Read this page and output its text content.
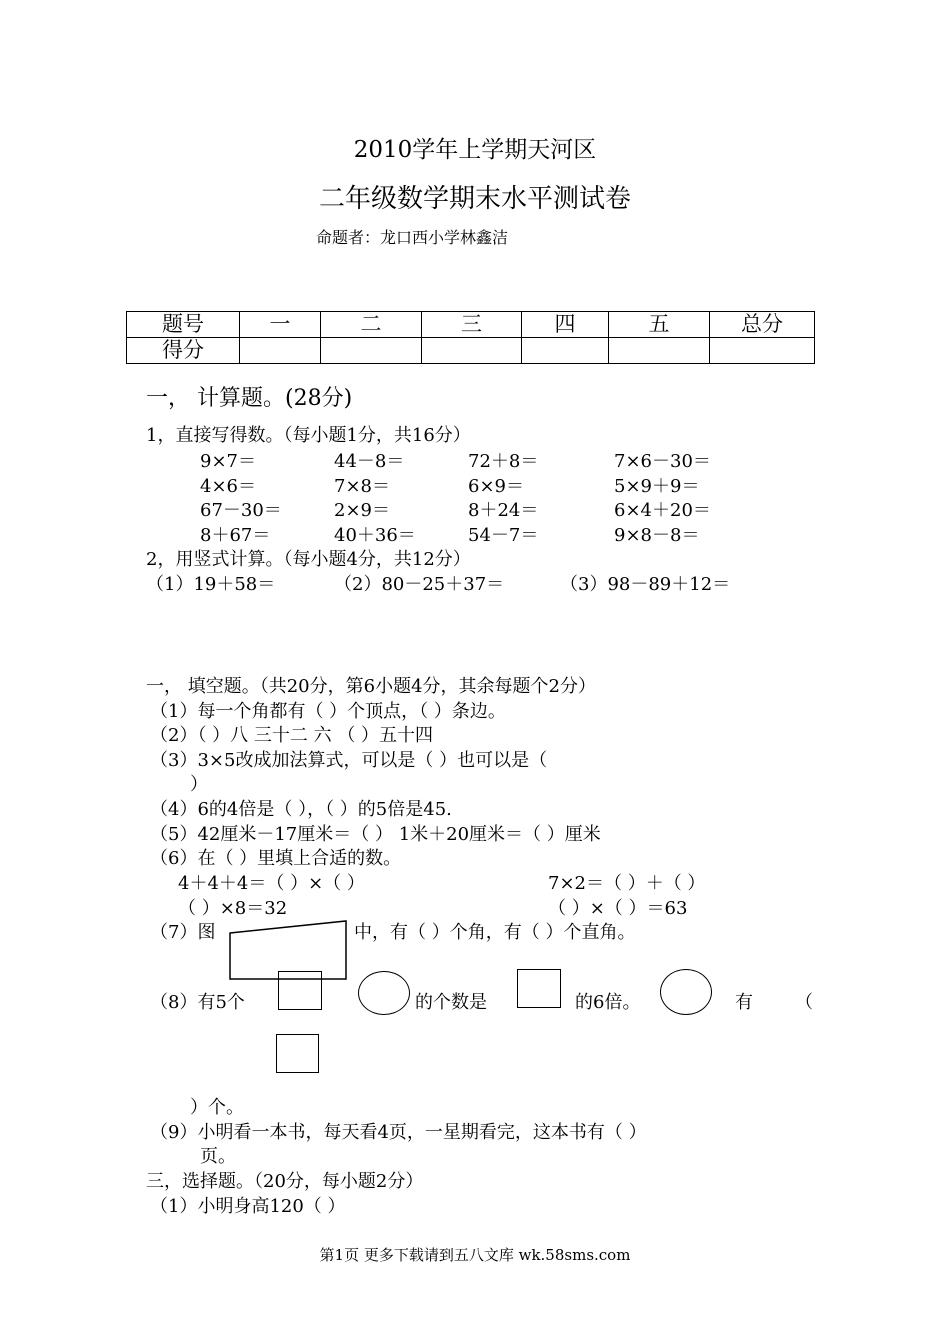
2010学年上学期天河区
二年级数学期末水平测试卷
命题者：龙口西小学林鑫洁
题号	一	二	三	四	五	总分
得分						
一， 计算题。(28分)
1，直接写得数。（每小题1分，共16分）
9×7＝	44－8＝	72＋8＝	7×6－30＝
4×6＝	7×8＝	6×9＝	5×9＋9＝
67－30＝	2×9＝	8＋24＝	6×4＋20＝
8＋67＝	40＋36＝	54－7＝	9×8－8＝
2，用竖式计算。（每小题4分，共12分）
（1）19＋58＝	（2）80－25＋37＝	（3）98－89＋12＝
一， 填空题。（共20分，第6小题4分，其余每题个2分）
（1）每一个角都有（ ）个顶点，（ ）条边。
（2）（ ）八 三十二 六 （ ）五十四
（3）3×5改成加法算式，可以是（ ）也可以是（
）
（4）6的4倍是（ ），（ ）的5倍是45.
（5）42厘米－17厘米＝（ ） 1米＋20厘米＝（ ）厘米
（6）在（ ）里填上合适的数。
4＋4＋4＝（ ）×（ ）	7×2＝（ ）＋（ ）
（ ）×8＝32	（ ）×（ ）＝63
（7）图	中，有（ ）个角，有（ ）个直角。
（8）有5个	的个数是	的6倍。	有 （
）个。
（9）小明看一本书，每天看4页，一星期看完，这本书有（ ）
页。
三，选择题。（20分，每小题2分）
（1）小明身高120（ ）
第1页 更多下载请到五八文库 wk.58sms.com
